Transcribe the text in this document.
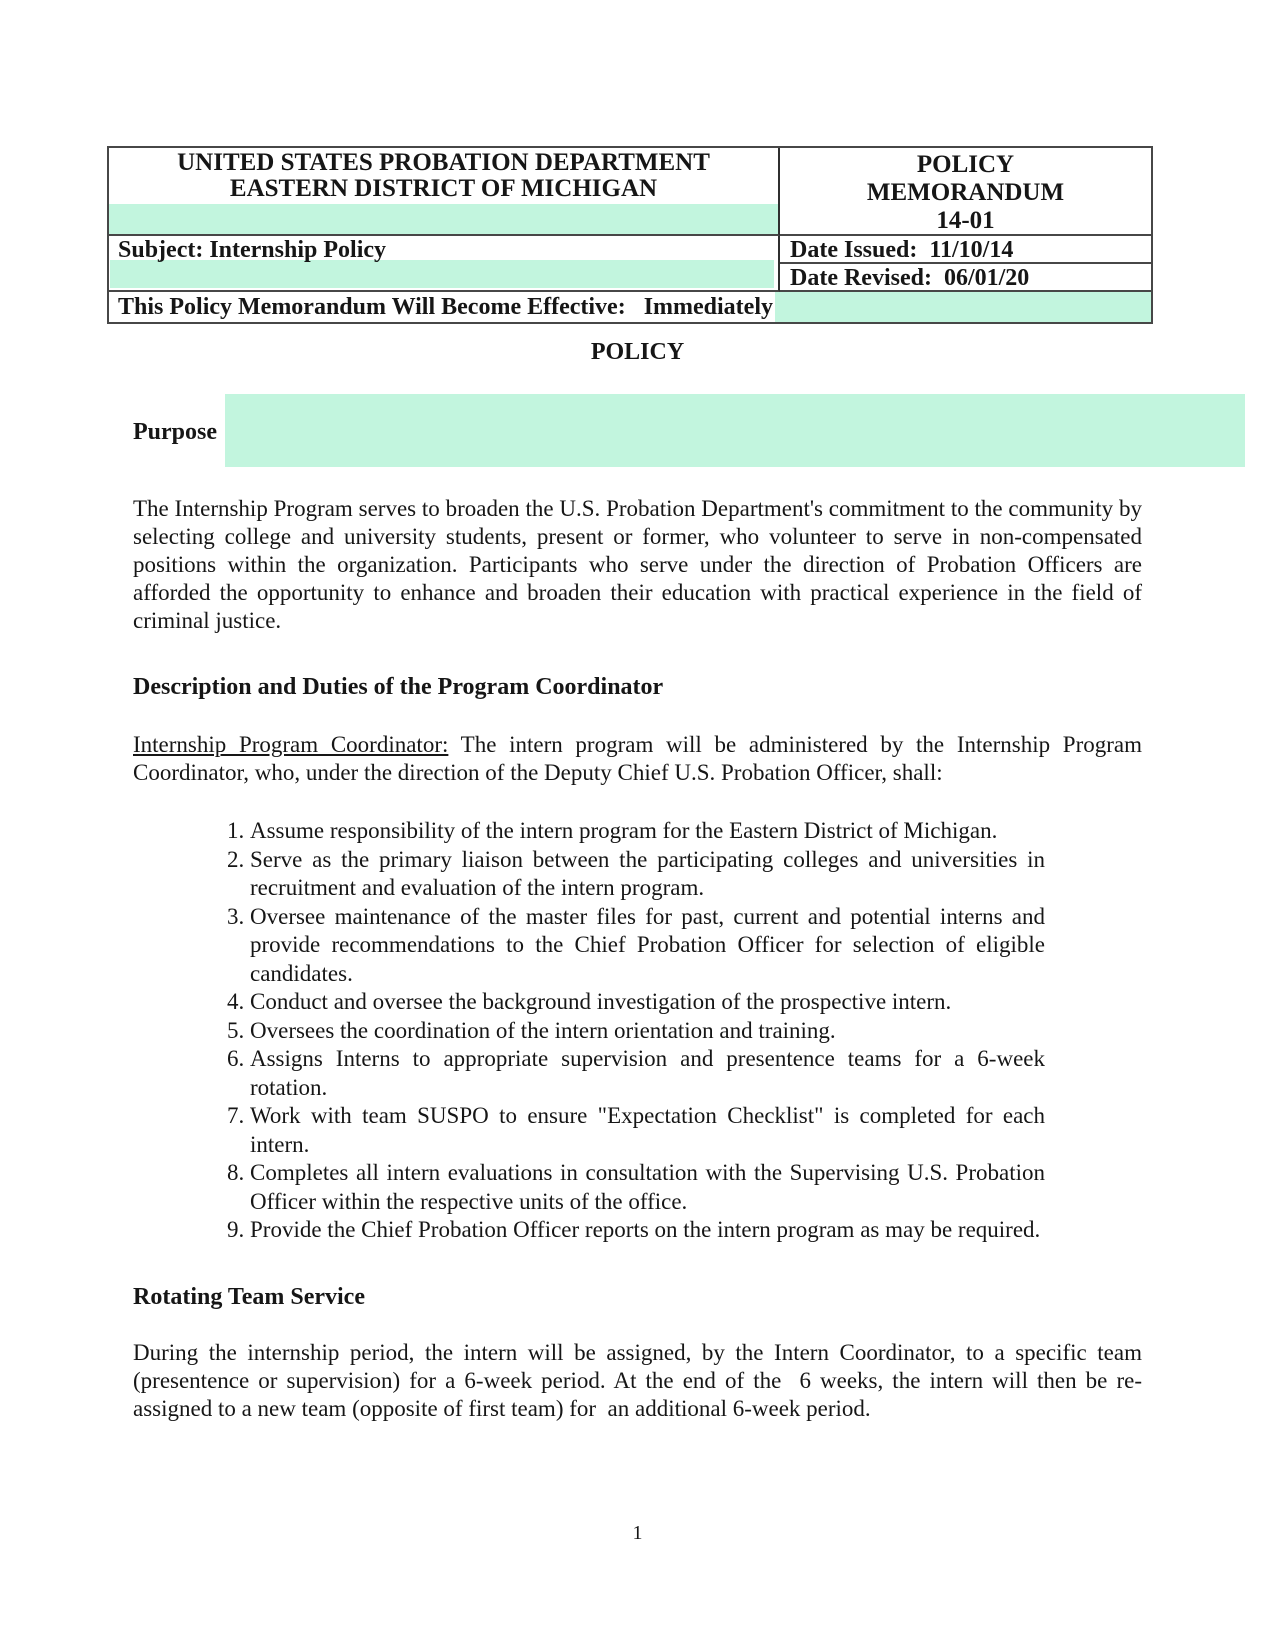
UNITED STATES PROBATION DEPARTMENT
EASTERN DISTRICT OF MICHIGAN
POLICY
MEMORANDUM
14-01
Subject: Internship Policy	Date Issued:  11/10/14
Date Revised:  06/01/20
This Policy Memorandum Will Become Effective:   Immediately
POLICY
Purpose

The Internship Program serves to broaden the U.S. Probation Department's commitment to the community by selecting college and university students, present or former, who volunteer to serve in non-compensated positions within the organization. Participants who serve under the direction of Probation Officers are afforded the opportunity to enhance and broaden their education with practical experience in the field of criminal justice.

Description and Duties of the Program Coordinator

Internship Program Coordinator: The intern program will be administered by the Internship Program Coordinator, who, under the direction of the Deputy Chief U.S. Probation Officer, shall:

1. Assume responsibility of the intern program for the Eastern District of Michigan.
2. Serve as the primary liaison between the participating colleges and universities in  recruitment and evaluation of the intern program.
3. Oversee maintenance of the master files for past, current and potential interns and  provide recommendations to the Chief Probation Officer for selection of eligible  candidates.
4. Conduct and oversee the background investigation of the prospective intern.
5. Oversees the coordination of the intern orientation and training.
6. Assigns Interns to appropriate supervision and presentence teams for a 6-week rotation.
7. Work with team SUSPO to ensure "Expectation Checklist" is completed for each intern.
8. Completes all intern evaluations in consultation with the Supervising U.S. Probation  Officer within the respective units of the office.
9. Provide the Chief Probation Officer reports on the intern program as may be required.
Rotating Team Service

During the internship period, the intern will be assigned, by the Intern Coordinator, to a specific team (presentence or supervision) for a 6-week period. At the end of the  6 weeks, the intern will then be re-assigned to a new team (opposite of first team) for  an additional 6-week period.

1
